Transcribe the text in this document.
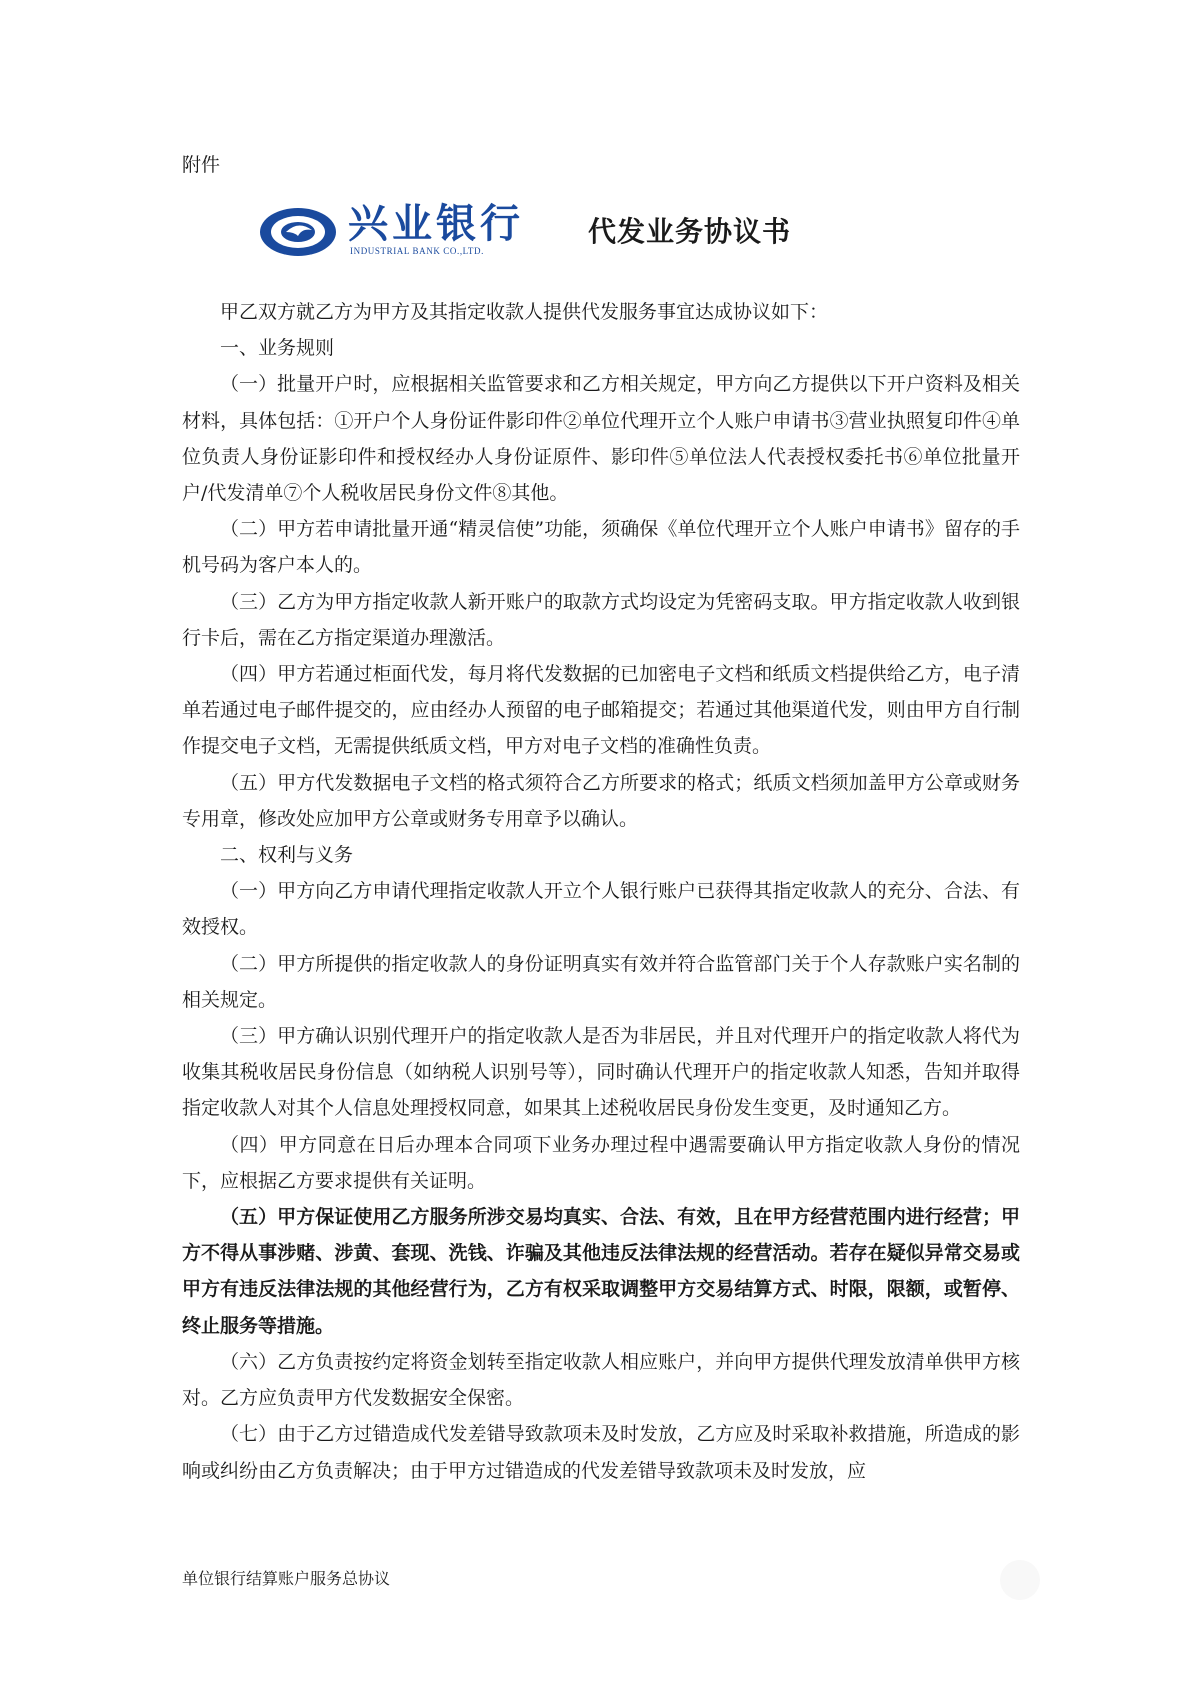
附件
兴业银行
INDUSTRIAL BANK CO.,LTD.
代发业务协议书

甲乙双方就乙方为甲方及其指定收款人提供代发服务事宜达成协议如下：

一、业务规则

（一）批量开户时，应根据相关监管要求和乙方相关规定，甲方向乙方提供以下开户资料及相关材料，具体包括：①开户个人身份证件影印件②单位代理开立个人账户申请书③营业执照复印件④单位负责人身份证影印件和授权经办人身份证原件、影印件⑤单位法人代表授权委托书⑥单位批量开户/代发清单⑦个人税收居民身份文件⑧其他。

（二）甲方若申请批量开通“精灵信使”功能，须确保《单位代理开立个人账户申请书》留存的手机号码为客户本人的。

（三）乙方为甲方指定收款人新开账户的取款方式均设定为凭密码支取。甲方指定收款人收到银行卡后，需在乙方指定渠道办理激活。

（四）甲方若通过柜面代发，每月将代发数据的已加密电子文档和纸质文档提供给乙方，电子清单若通过电子邮件提交的，应由经办人预留的电子邮箱提交；若通过其他渠道代发，则由甲方自行制作提交电子文档，无需提供纸质文档，甲方对电子文档的准确性负责。

（五）甲方代发数据电子文档的格式须符合乙方所要求的格式；纸质文档须加盖甲方公章或财务专用章，修改处应加甲方公章或财务专用章予以确认。

二、权利与义务

（一）甲方向乙方申请代理指定收款人开立个人银行账户已获得其指定收款人的充分、合法、有效授权。

（二）甲方所提供的指定收款人的身份证明真实有效并符合监管部门关于个人存款账户实名制的相关规定。

（三）甲方确认识别代理开户的指定收款人是否为非居民，并且对代理开户的指定收款人将代为收集其税收居民身份信息（如纳税人识别号等），同时确认代理开户的指定收款人知悉，告知并取得指定收款人对其个人信息处理授权同意，如果其上述税收居民身份发生变更，及时通知乙方。

（四）甲方同意在日后办理本合同项下业务办理过程中遇需要确认甲方指定收款人身份的情况下，应根据乙方要求提供有关证明。

（五）甲方保证使用乙方服务所涉交易均真实、合法、有效，且在甲方经营范围内进行经营；甲方不得从事涉赌、涉黄、套现、洗钱、诈骗及其他违反法律法规的经营活动。若存在疑似异常交易或甲方有违反法律法规的其他经营行为，乙方有权采取调整甲方交易结算方式、时限，限额，或暂停、终止服务等措施。

（六）乙方负责按约定将资金划转至指定收款人相应账户，并向甲方提供代理发放清单供甲方核对。乙方应负责甲方代发数据安全保密。

（七）由于乙方过错造成代发差错导致款项未及时发放，乙方应及时采取补救措施，所造成的影响或纠纷由乙方负责解决；由于甲方过错造成的代发差错导致款项未及时发放，应

单位银行结算账户服务总协议
